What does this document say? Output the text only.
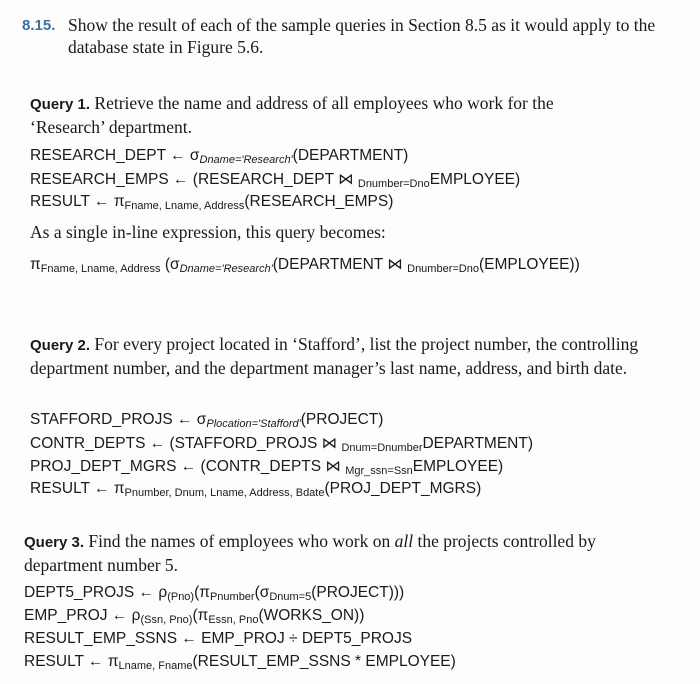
8.15. Show the result of each of the sample queries in Section 8.5 as it would apply to the database state in Figure 5.6.
Query 1. Retrieve the name and address of all employees who work for the ‘Research’ department.
RESEARCH_DEPT ← $\sigma_{Dname='Research'}(DEPARTMENT)$
RESEARCH_EMPS ← (RESEARCH_DEPT ⋈ $_{Dnumber=Dno}$EMPLOYEE)
RESULT ← $\pi_{Fname, Lname, Address}(RESEARCH\_EMPS)$
As a single in-line expression, this query becomes:
$\pi_{Fname, Lname, Address}$ ($\sigma_{Dname='Research'}(DEPARTMENT$ ⋈ $_{Dnumber=Dno}$(EMPLOYEE))
Query 2. For every project located in ‘Stafford’, list the project number, the controlling department number, and the department manager’s last name, address, and birth date.
STAFFORD_PROJS ← $\sigma_{Plocation='Stafford'}(PROJECT)$
CONTR_DEPTS ← (STAFFORD_PROJS ⋈ $_{Dnum=Dnumber}$DEPARTMENT)
PROJ_DEPT_MGRS ← (CONTR_DEPTS ⋈ $_{Mgr\_ssn=Ssn}$EMPLOYEE)
RESULT ← $\pi_{Pnumber, Dnum, Lname, Address, Bdate}(PROJ\_DEPT\_MGRS)$
Query 3. Find the names of employees who work on all the projects controlled by department number 5.
DEPT5_PROJS ← $\rho_{(Pno)}(\pi_{Pnumber}(\sigma_{Dnum=5}(PROJECT)))$
EMP_PROJ ← $\rho_{(Ssn, Pno)}(\pi_{Essn, Pno}(WORKS\_ON))$
RESULT_EMP_SSNS ← EMP_PROJ ÷ DEPT5_PROJS
RESULT ← $\pi_{Lname, Fname}(RESULT\_EMP\_SSNS$ * EMPLOYEE)
